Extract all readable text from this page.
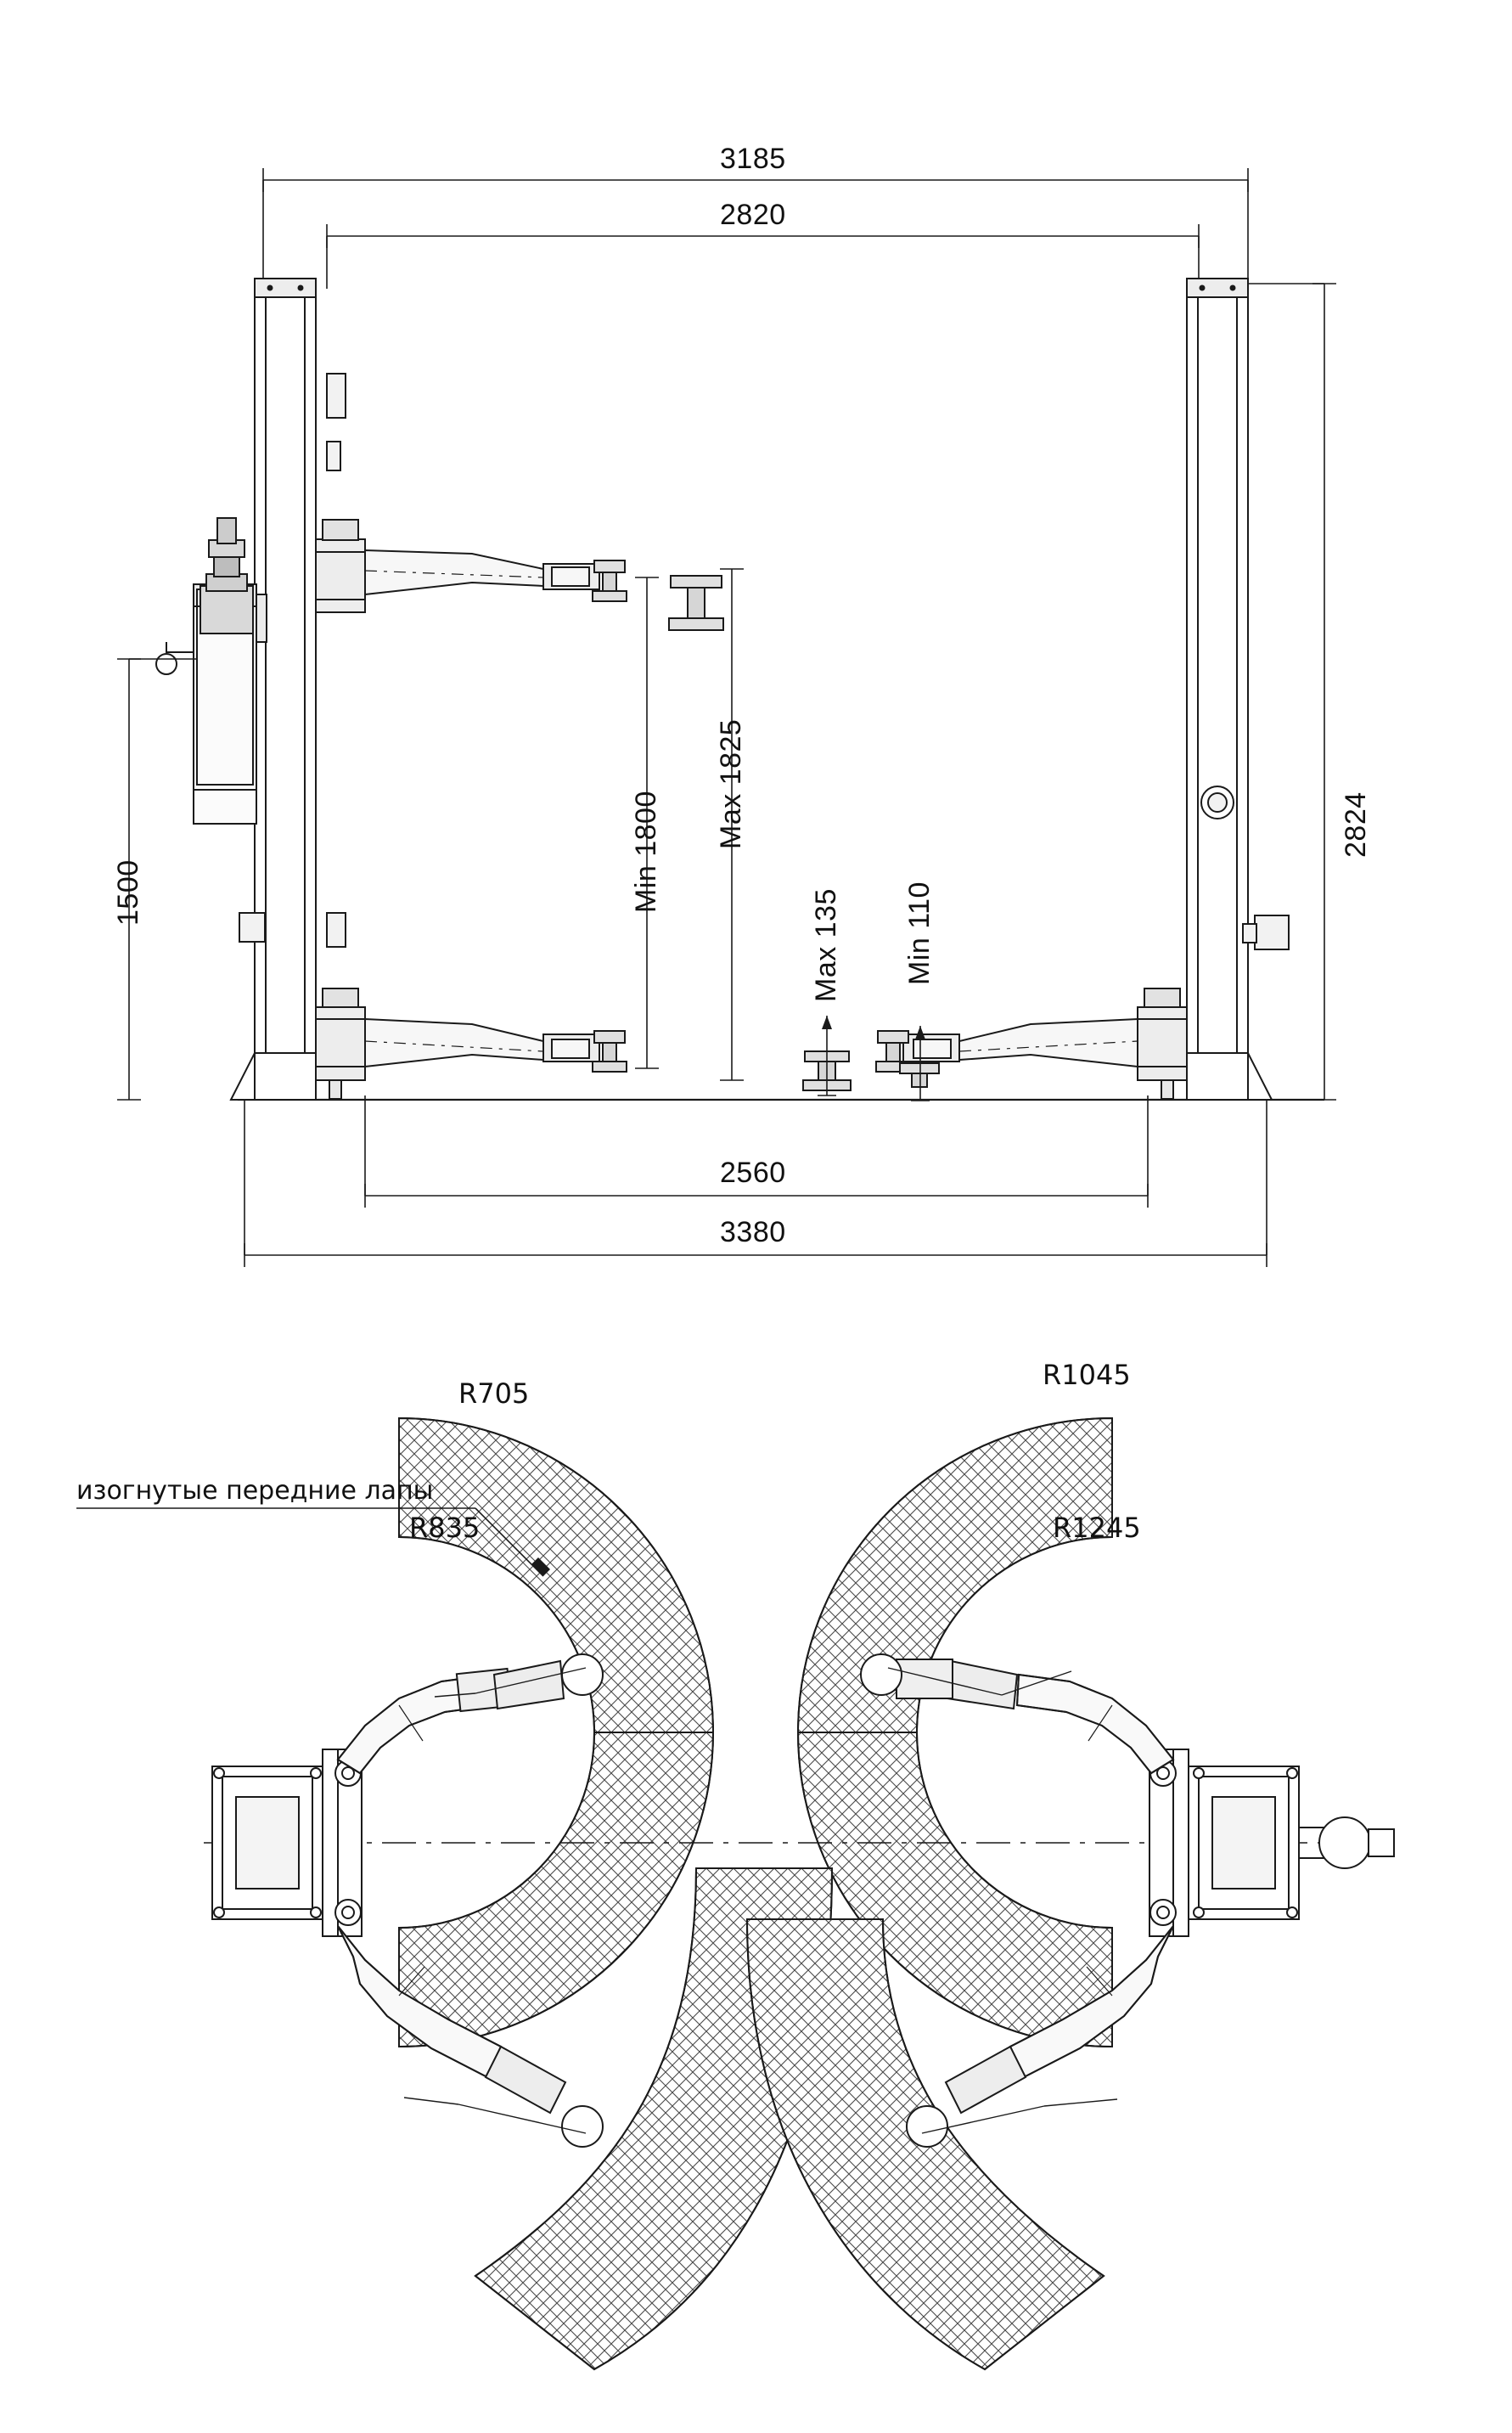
3185
2820
1500	Min 1800
Max 1825
Max 135 Min 110
2824
2560
3380
изогнутые передние лапы
R705
R835
R1045
R1245
